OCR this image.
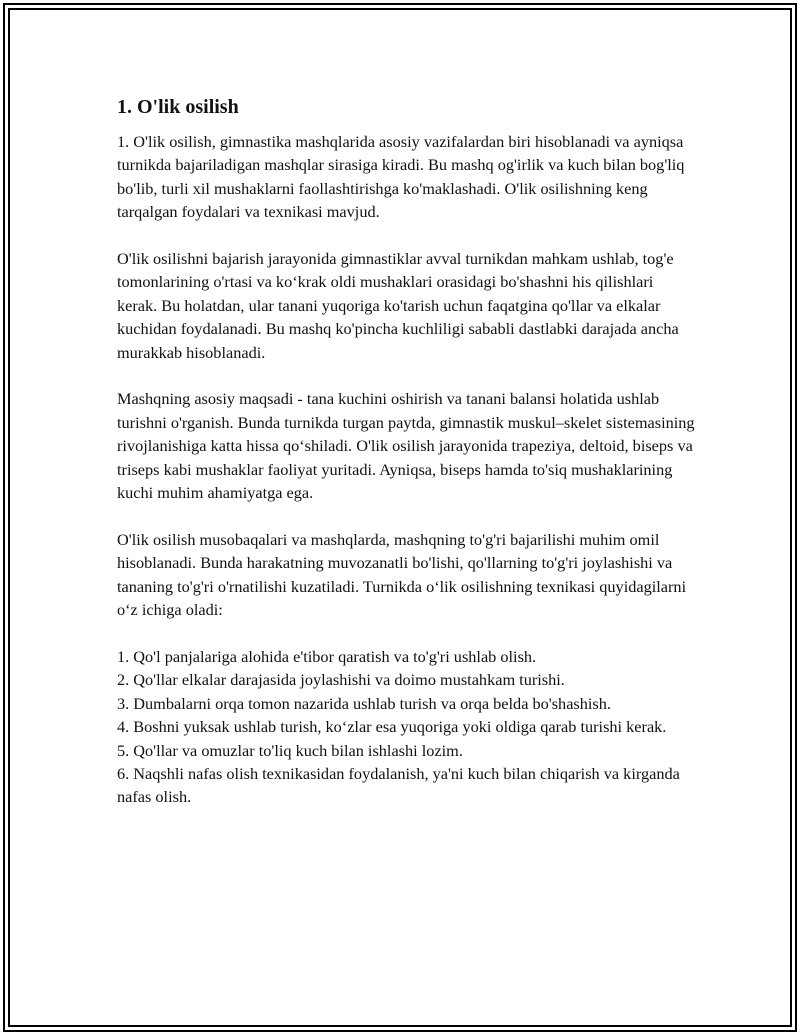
1. O'lik osilish

1. O'lik osilish, gimnastika mashqlarida asosiy vazifalardan biri hisoblanadi va ayniqsa turnikda bajariladigan mashqlar sirasiga kiradi. Bu mashq og'irlik va kuch bilan bog'liq bo'lib, turli xil mushaklarni faollashtirishga ko'maklashadi. O'lik osilishning keng tarqalgan foydalari va texnikasi mavjud.

O'lik osilishni bajarish jarayonida gimnastiklar avval turnikdan mahkam ushlab, tog'e tomonlarining o'rtasi va ko‘krak oldi mushaklari orasidagi bo'shashni his qilishlari kerak. Bu holatdan, ular tanani yuqoriga ko'tarish uchun faqatgina qo'llar va elkalar kuchidan foydalanadi. Bu mashq ko'pincha kuchliligi sababli dastlabki darajada ancha murakkab hisoblanadi.

Mashqning asosiy maqsadi - tana kuchini oshirish va tanani balansi holatida ushlab turishni o'rganish. Bunda turnikda turgan paytda, gimnastik muskul–skelet sistemasining rivojlanishiga katta hissa qo‘shiladi. O'lik osilish jarayonida trapeziya, deltoid, biseps va triseps kabi mushaklar faoliyat yuritadi. Ayniqsa, biseps hamda to'siq mushaklarining kuchi muhim ahamiyatga ega.

O'lik osilish musobaqalari va mashqlarda, mashqning to'g'ri bajarilishi muhim omil hisoblanadi. Bunda harakatning muvozanatli bo'lishi, qo'llarning to'g'ri joylashishi va tananing to'g'ri o'rnatilishi kuzatiladi. Turnikda o‘lik osilishning texnikasi quyidagilarni o‘z ichiga oladi:

1. Qo'l panjalariga alohida e'tibor qaratish va to'g'ri ushlab olish.
2. Qo'llar elkalar darajasida joylashishi va doimo mustahkam turishi.
3. Dumbalarni orqa tomon nazarida ushlab turish va orqa belda bo'shashish.
4. Boshni yuksak ushlab turish, ko‘zlar esa yuqoriga yoki oldiga qarab turishi kerak.
5. Qo'llar va omuzlar to'liq kuch bilan ishlashi lozim.
6. Naqshli nafas olish texnikasidan foydalanish, ya'ni kuch bilan chiqarish va kirganda nafas olish.
